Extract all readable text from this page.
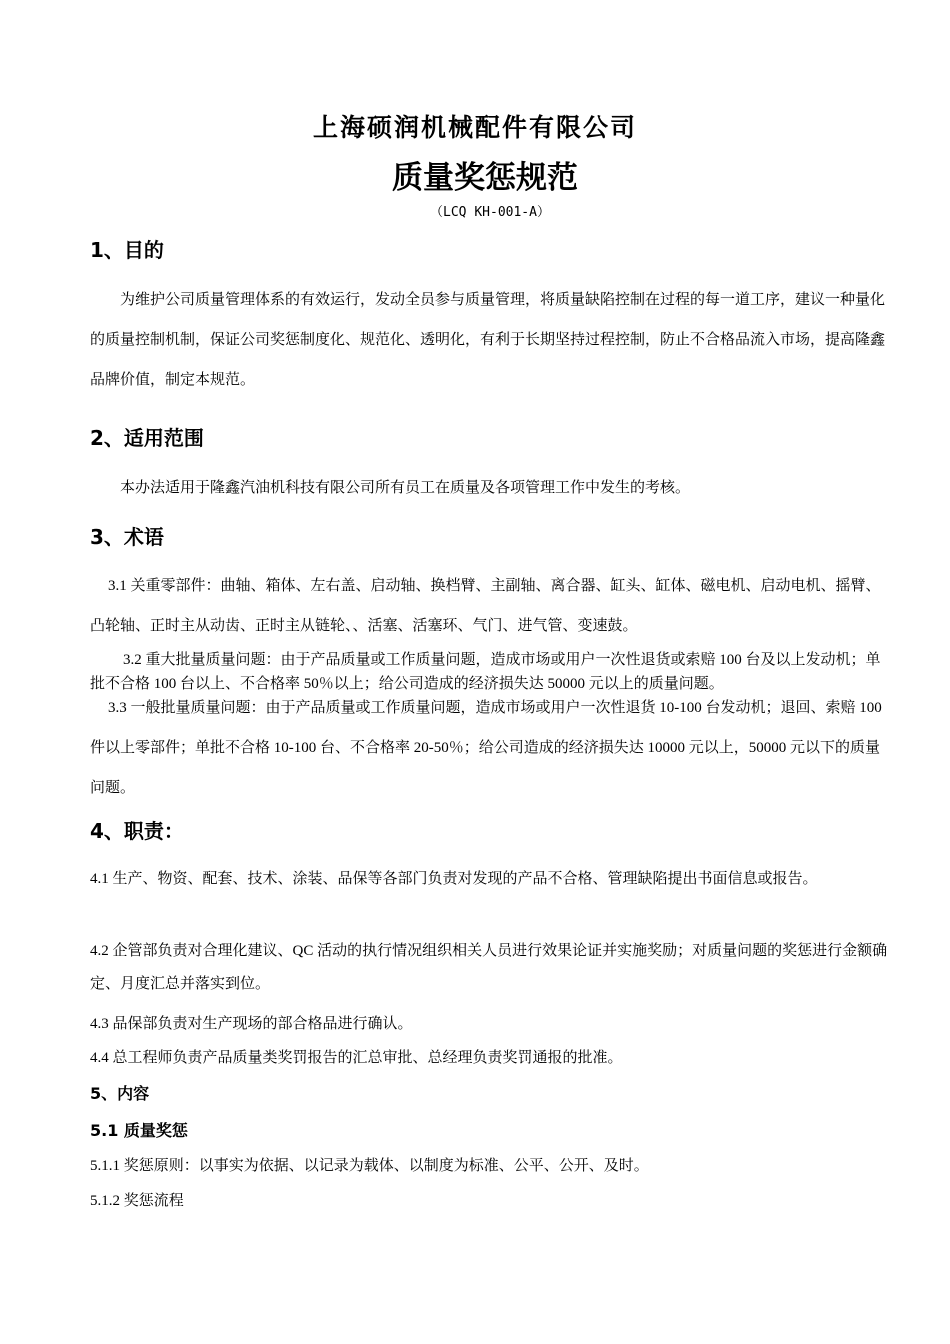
上海硕润机械配件有限公司
质量奖惩规范
（LCQ KH-001-A）
1、目的
为维护公司质量管理体系的有效运行，发动全员参与质量管理，将质量缺陷控制在过程的每一道工序，建议一种量化的质量控制机制，保证公司奖惩制度化、规范化、透明化，有利于长期坚持过程控制，防止不合格品流入市场，提高隆鑫品牌价值，制定本规范。
2、适用范围
本办法适用于隆鑫汽油机科技有限公司所有员工在质量及各项管理工作中发生的考核。
3、术语
3.1 关重零部件：曲轴、箱体、左右盖、启动轴、换档臂、主副轴、离合器、缸头、缸体、磁电机、启动电机、摇臂、凸轮轴、正时主从动齿、正时主从链轮、、活塞、活塞环、气门、进气管、变速鼓。
3.2 重大批量质量问题：由于产品质量或工作质量问题，造成市场或用户一次性退货或索赔 100 台及以上发动机；单批不合格 100 台以上、不合格率 50％以上；给公司造成的经济损失达 50000 元以上的质量问题。
3.3 一般批量质量问题：由于产品质量或工作质量问题，造成市场或用户一次性退货 10-100 台发动机；退回、索赔 100 件以上零部件；单批不合格 10-100 台、不合格率 20-50％；给公司造成的经济损失达 10000 元以上，50000 元以下的质量问题。
4、职责：
4.1 生产、物资、配套、技术、涂装、品保等各部门负责对发现的产品不合格、管理缺陷提出书面信息或报告。
4.2 企管部负责对合理化建议、QC 活动的执行情况组织相关人员进行效果论证并实施奖励；对质量问题的奖惩进行金额确定、月度汇总并落实到位。
4.3 品保部负责对生产现场的部合格品进行确认。
4.4 总工程师负责产品质量类奖罚报告的汇总审批、总经理负责奖罚通报的批准。
5、内容
5.1 质量奖惩
5.1.1 奖惩原则：以事实为依据、以记录为载体、以制度为标准、公平、公开、及时。
5.1.2 奖惩流程
